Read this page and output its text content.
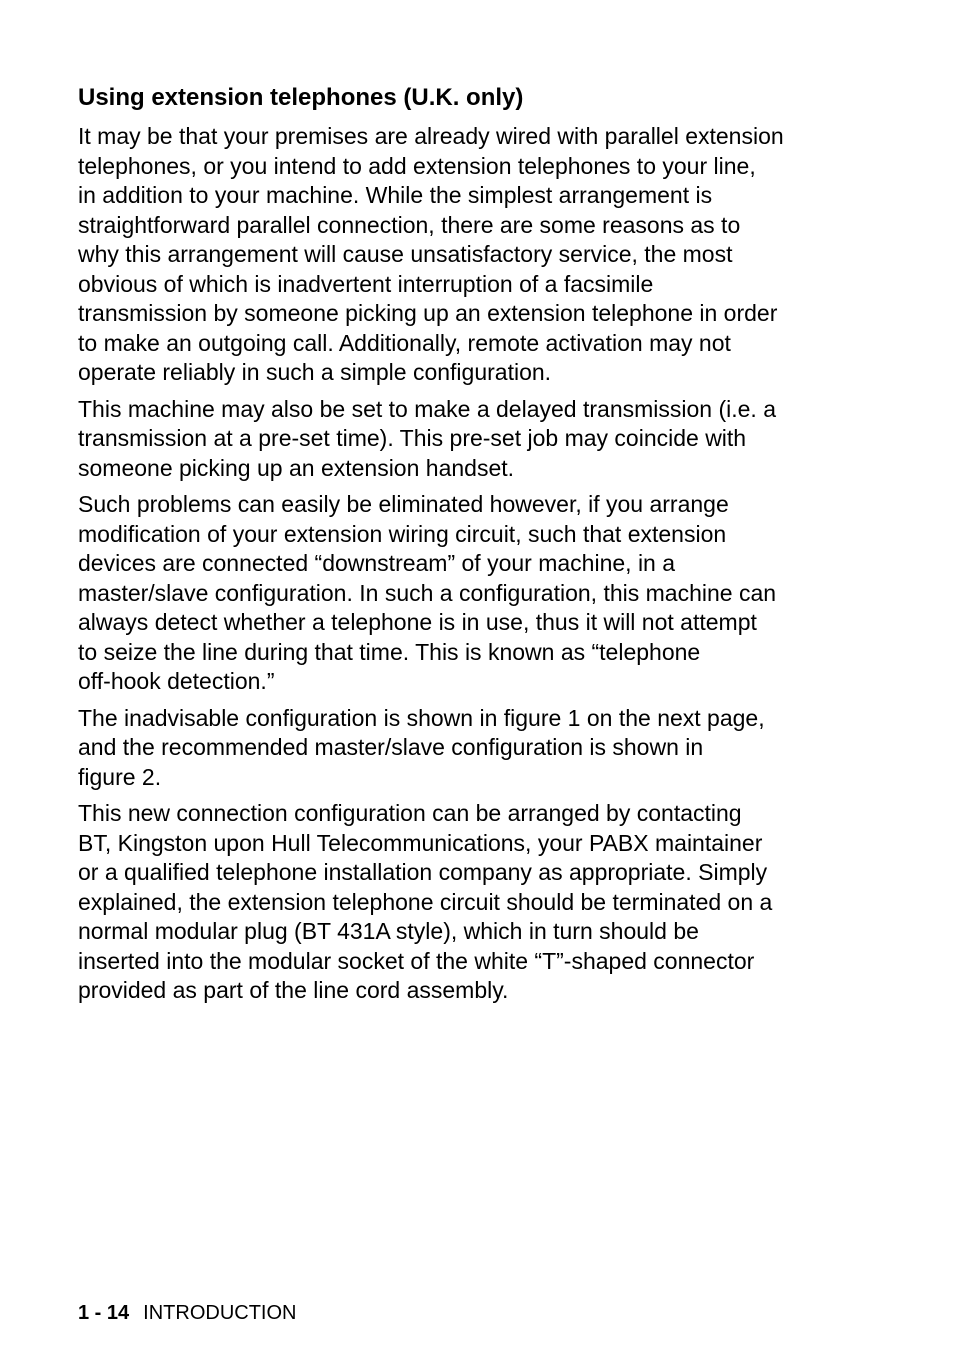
Using extension telephones (U.K. only)

It may be that your premises are already wired with parallel extension
telephones, or you intend to add extension telephones to your line,
in addition to your machine. While the simplest arrangement is
straightforward parallel connection, there are some reasons as to
why this arrangement will cause unsatisfactory service, the most
obvious of which is inadvertent interruption of a facsimile
transmission by someone picking up an extension telephone in order
to make an outgoing call. Additionally, remote activation may not
operate reliably in such a simple configuration.

This machine may also be set to make a delayed transmission (i.e. a
transmission at a pre-set time). This pre-set job may coincide with
someone picking up an extension handset.

Such problems can easily be eliminated however, if you arrange
modification of your extension wiring circuit, such that extension
devices are connected “downstream” of your machine, in a
master/slave configuration. In such a configuration, this machine can
always detect whether a telephone is in use, thus it will not attempt
to seize the line during that time. This is known as “telephone
off-hook detection.”

The inadvisable configuration is shown in figure 1 on the next page,
and the recommended master/slave configuration is shown in
figure 2.

This new connection configuration can be arranged by contacting
BT, Kingston upon Hull Telecommunications, your PABX maintainer
or a qualified telephone installation company as appropriate. Simply
explained, the extension telephone circuit should be terminated on a
normal modular plug (BT 431A style), which in turn should be
inserted into the modular socket of the white “T”-shaped connector
provided as part of the line cord assembly.

1 - 14 INTRODUCTION
